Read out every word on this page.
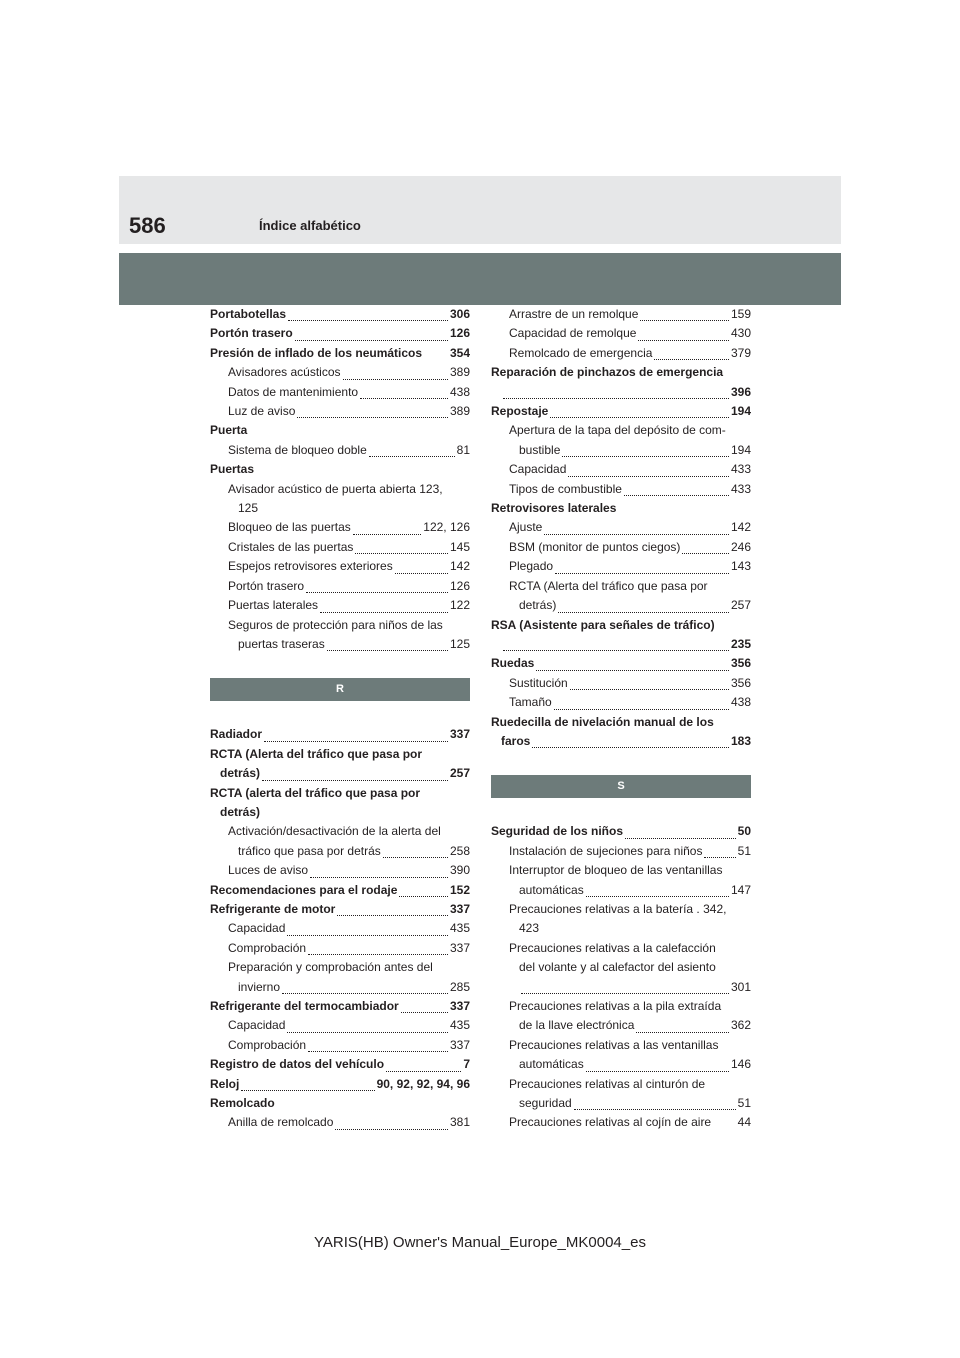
586	Índice alfabético
Portabotellas	306
Portón trasero	126
Presión de inflado de los neumáticos 354
Avisadores acústicos	389
Datos de mantenimiento	438
Luz de aviso	389
Puerta
Sistema de bloqueo doble	81
Puertas
Avisador acústico de puerta abierta 123,
125
Bloqueo de las puertas	122, 126
Cristales de las puertas	145
Espejos retrovisores exteriores	142
Portón trasero	126
Puertas laterales	122
Seguros de protección para niños de las
puertas traseras	125
R
Radiador	337
RCTA (Alerta del tráfico que pasa por
detrás)	257
RCTA (alerta del tráfico que pasa por
detrás)
Activación/desactivación de la alerta del
tráfico que pasa por detrás	258
Luces de aviso	390
Recomendaciones para el rodaje	152
Refrigerante de motor	337
Capacidad	435
Comprobación	337
Preparación y comprobación antes del
invierno	285
Refrigerante del termocambiador	337
Capacidad	435
Comprobación	337
Registro de datos del vehículo	7
Reloj	90, 92, 92, 94, 96
Remolcado
Anilla de remolcado	381
Arrastre de un remolque	159
Capacidad de remolque	430
Remolcado de emergencia	379
Reparación de pinchazos de emergencia
396
Repostaje	194
Apertura de la tapa del depósito de com-
bustible	194
Capacidad	433
Tipos de combustible	433
Retrovisores laterales
Ajuste	142
BSM (monitor de puntos ciegos)	246
Plegado	143
RCTA (Alerta del tráfico que pasa por
detrás)	257
RSA (Asistente para señales de tráfico)
235
Ruedas	356
Sustitución	356
Tamaño	438
Ruedecilla de nivelación manual de los
faros	183
S
Seguridad de los niños	50
Instalación de sujeciones para niños	51
Interruptor de bloqueo de las ventanillas
automáticas	147
Precauciones relativas a la batería . 342,
423
Precauciones relativas a la calefacción
del volante y al calefactor del asiento
301
Precauciones relativas a la pila extraída
de la llave electrónica	362
Precauciones relativas a las ventanillas
automáticas	146
Precauciones relativas al cinturón de
seguridad	51
Precauciones relativas al cojín de aire 44
YARIS(HB) Owner's Manual_Europe_MK0004_es
